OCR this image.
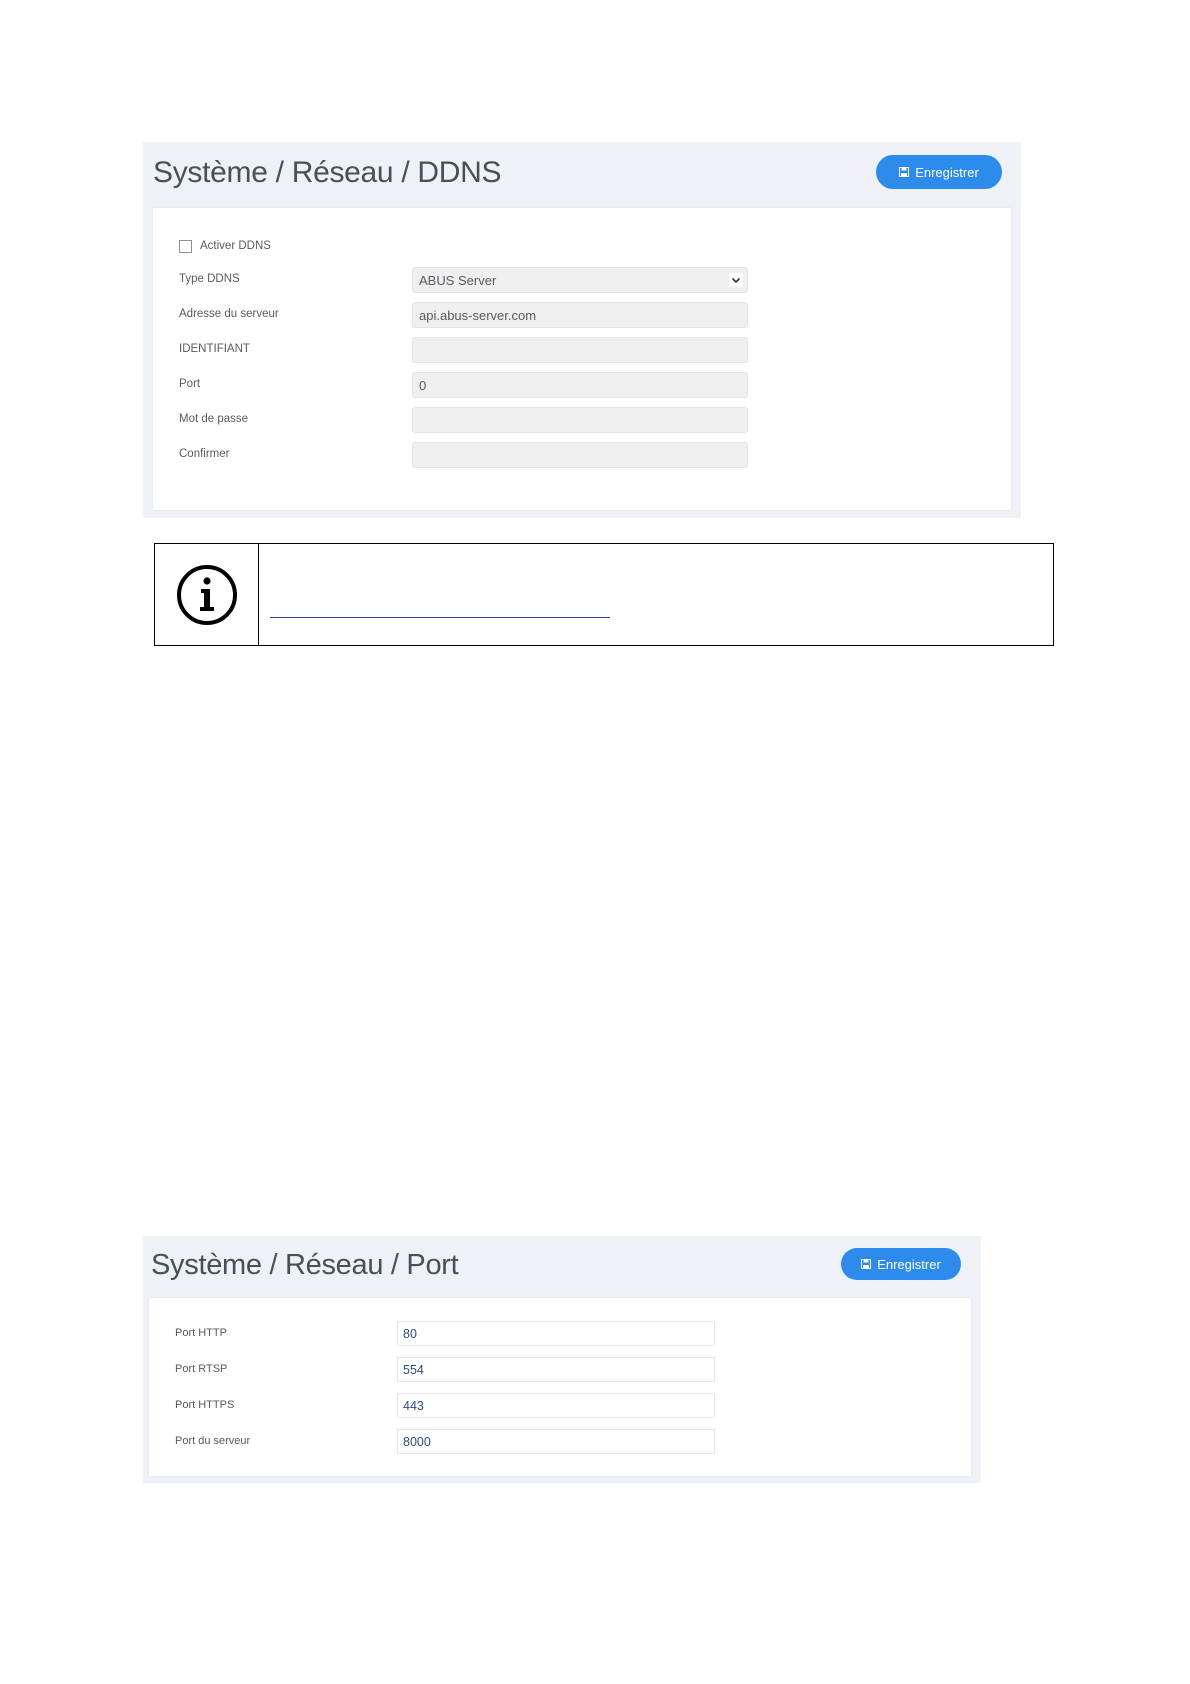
Système / Réseau / DDNS	Enregistrer
Activer DDNS
Type DDNS	ABUS Server
Adresse du serveur	api.abus-server.com
IDENTIFIANT
Port	0
Mot de passe
Confirmer
Système / Réseau / Port	Enregistrer
Port HTTP	80
Port RTSP	554
Port HTTPS	443
Port du serveur	8000
